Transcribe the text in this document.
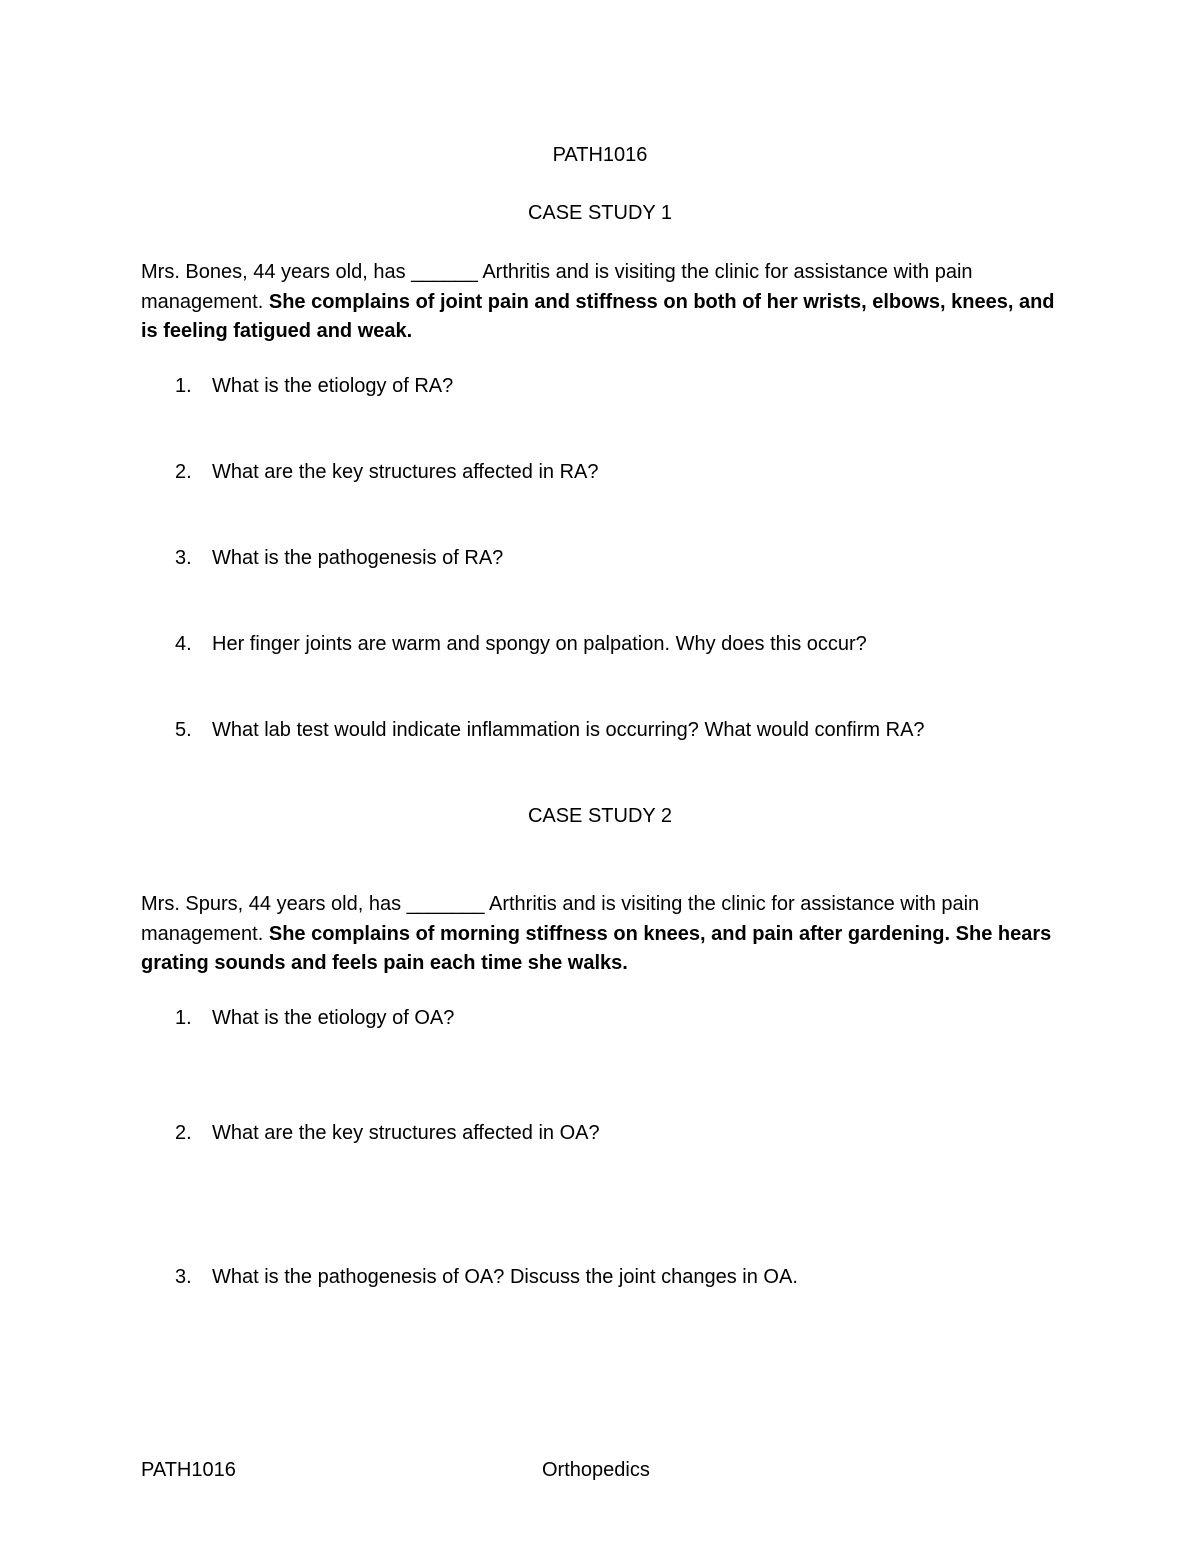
PATH1016
CASE STUDY 1
Mrs. Bones, 44 years old, has ______ Arthritis and is visiting the clinic for assistance with pain management. She complains of joint pain and stiffness on both of her wrists, elbows, knees, and is feeling fatigued and weak.
1. What is the etiology of RA?
2. What are the key structures affected in RA?
3. What is the pathogenesis of RA?
4. Her finger joints are warm and spongy on palpation. Why does this occur?
5. What lab test would indicate inflammation is occurring? What would confirm RA?
CASE STUDY 2
Mrs. Spurs, 44 years old, has _______ Arthritis and is visiting the clinic for assistance with pain management. She complains of morning stiffness on knees, and pain after gardening. She hears grating sounds and feels pain each time she walks.
1. What is the etiology of OA?
2. What are the key structures affected in OA?
3. What is the pathogenesis of OA? Discuss the joint changes in OA.
PATH1016	Orthopedics
